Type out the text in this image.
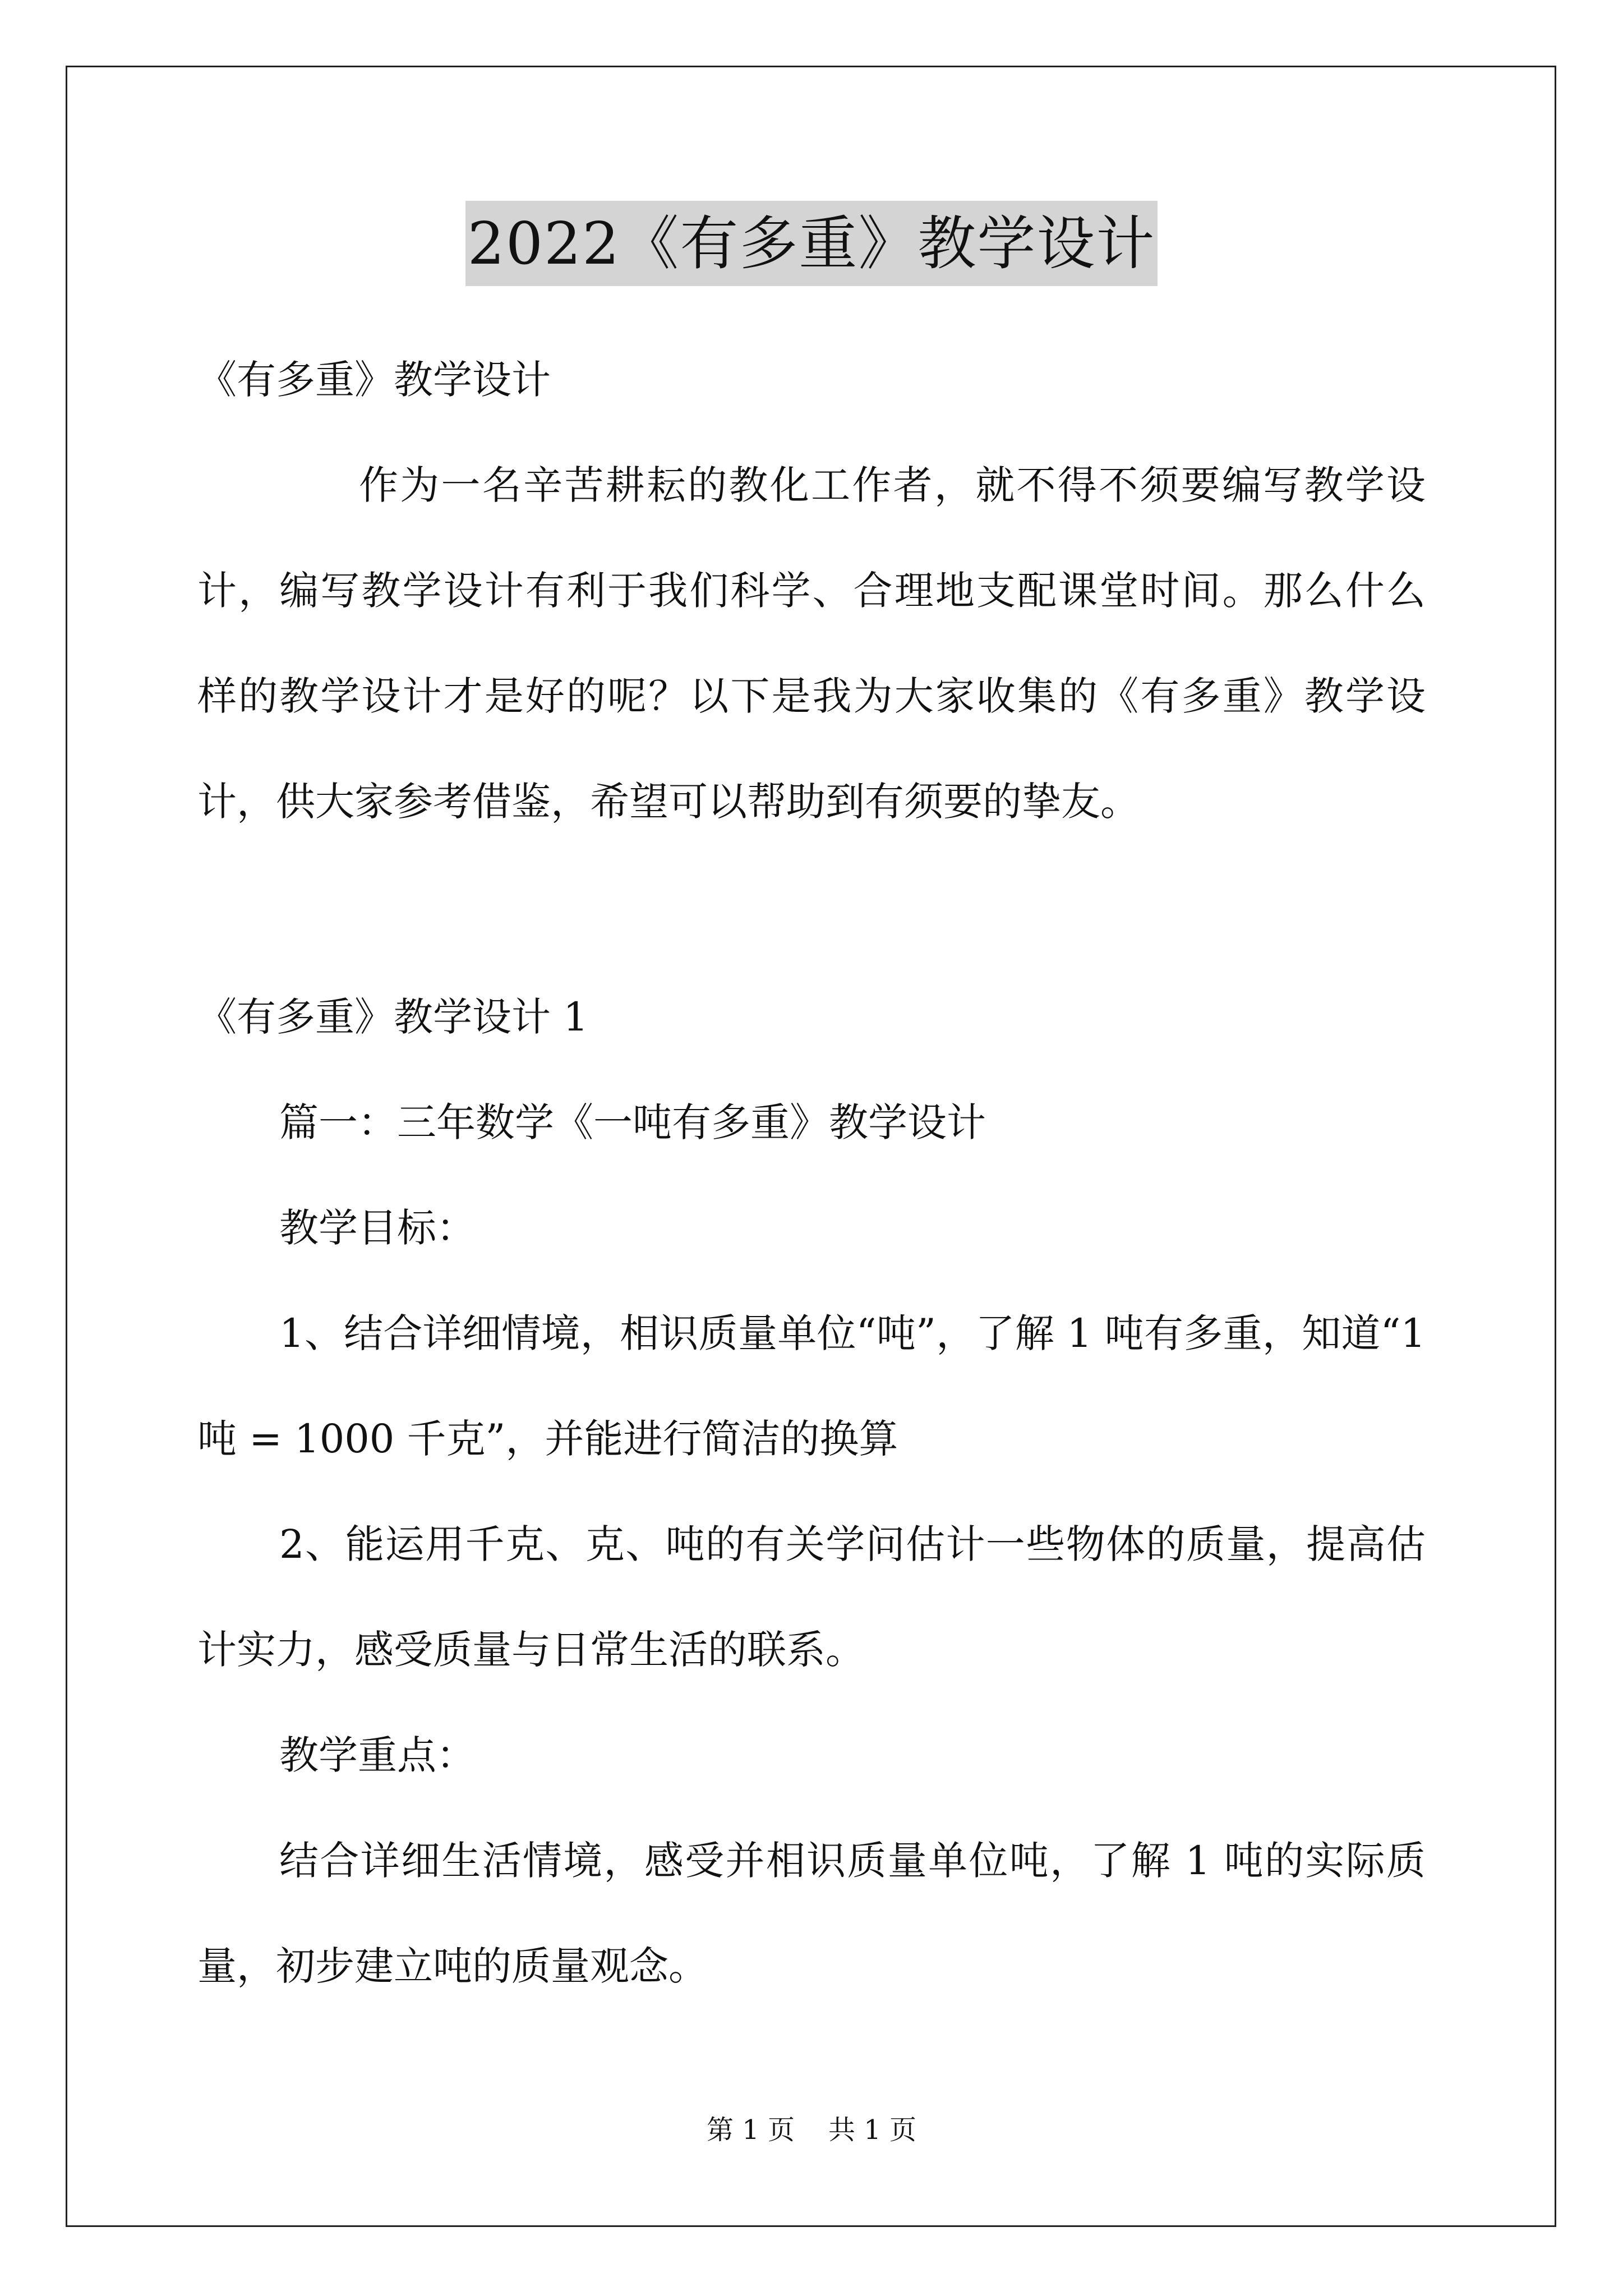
2022《有多重》教学设计
《有多重》教学设计
作为一名辛苦耕耘的教化工作者，就不得不须要编写教学设
计，编写教学设计有利于我们科学、合理地支配课堂时间。那么什么
样的教学设计才是好的呢？以下是我为大家收集的《有多重》教学设
计，供大家参考借鉴，希望可以帮助到有须要的挚友。
《有多重》教学设计 1
篇一：三年数学《一吨有多重》教学设计
教学目标：
1、结合详细情境，相识质量单位“吨”，了解 1 吨有多重，知道“1
吨 = 1000 千克”，并能进行简洁的换算
2、能运用千克、克、吨的有关学问估计一些物体的质量，提高估
计实力，感受质量与日常生活的联系。
教学重点：
结合详细生活情境，感受并相识质量单位吨，了解 1 吨的实际质
量，初步建立吨的质量观念。
第 1 页 共 1 页
